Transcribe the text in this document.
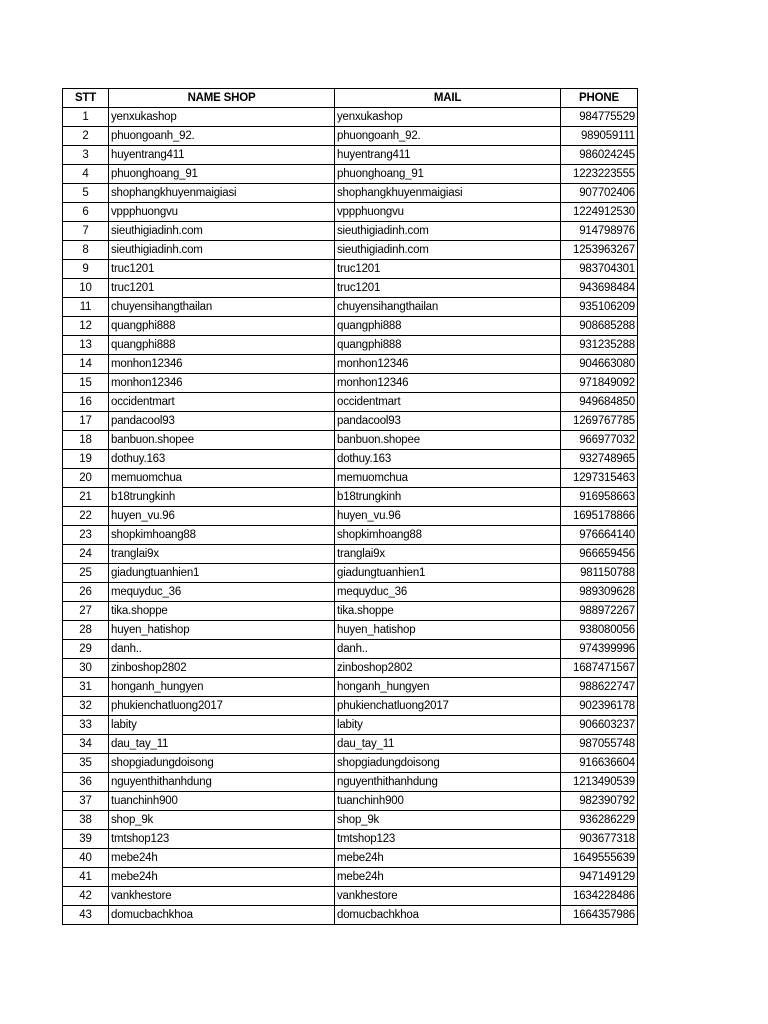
STT	NAME SHOP	MAIL	PHONE
1	yenxukashop	yenxukashop	984775529
2	phuongoanh_92.	phuongoanh_92.	989059111
3	huyentrang411	huyentrang411	986024245
4	phuonghoang_91	phuonghoang_91	1223223555
5	shophangkhuyenmaigiasi	shophangkhuyenmaigiasi	907702406
6	vppphuongvu	vppphuongvu	1224912530
7	sieuthigiadinh.com	sieuthigiadinh.com	914798976
8	sieuthigiadinh.com	sieuthigiadinh.com	1253963267
9	truc1201	truc1201	983704301
10	truc1201	truc1201	943698484
11	chuyensihangthailan	chuyensihangthailan	935106209
12	quangphi888	quangphi888	908685288
13	quangphi888	quangphi888	931235288
14	monhon12346	monhon12346	904663080
15	monhon12346	monhon12346	971849092
16	occidentmart	occidentmart	949684850
17	pandacool93	pandacool93	1269767785
18	banbuon.shopee	banbuon.shopee	966977032
19	dothuy.163	dothuy.163	932748965
20	memuomchua	memuomchua	1297315463
21	b18trungkinh	b18trungkinh	916958663
22	huyen_vu.96	huyen_vu.96	1695178866
23	shopkimhoang88	shopkimhoang88	976664140
24	tranglai9x	tranglai9x	966659456
25	giadungtuanhien1	giadungtuanhien1	981150788
26	mequyduc_36	mequyduc_36	989309628
27	tika.shoppe	tika.shoppe	988972267
28	huyen_hatishop	huyen_hatishop	938080056
29	danh..	danh..	974399996
30	zinboshop2802	zinboshop2802	1687471567
31	honganh_hungyen	honganh_hungyen	988622747
32	phukienchatluong2017	phukienchatluong2017	902396178
33	labity	labity	906603237
34	dau_tay_11	dau_tay_11	987055748
35	shopgiadungdoisong	shopgiadungdoisong	916636604
36	nguyenthithanhdung	nguyenthithanhdung	1213490539
37	tuanchinh900	tuanchinh900	982390792
38	shop_9k	shop_9k	936286229
39	tmtshop123	tmtshop123	903677318
40	mebe24h	mebe24h	1649555639
41	mebe24h	mebe24h	947149129
42	vankhestore	vankhestore	1634228486
43	domucbachkhoa	domucbachkhoa	1664357986
